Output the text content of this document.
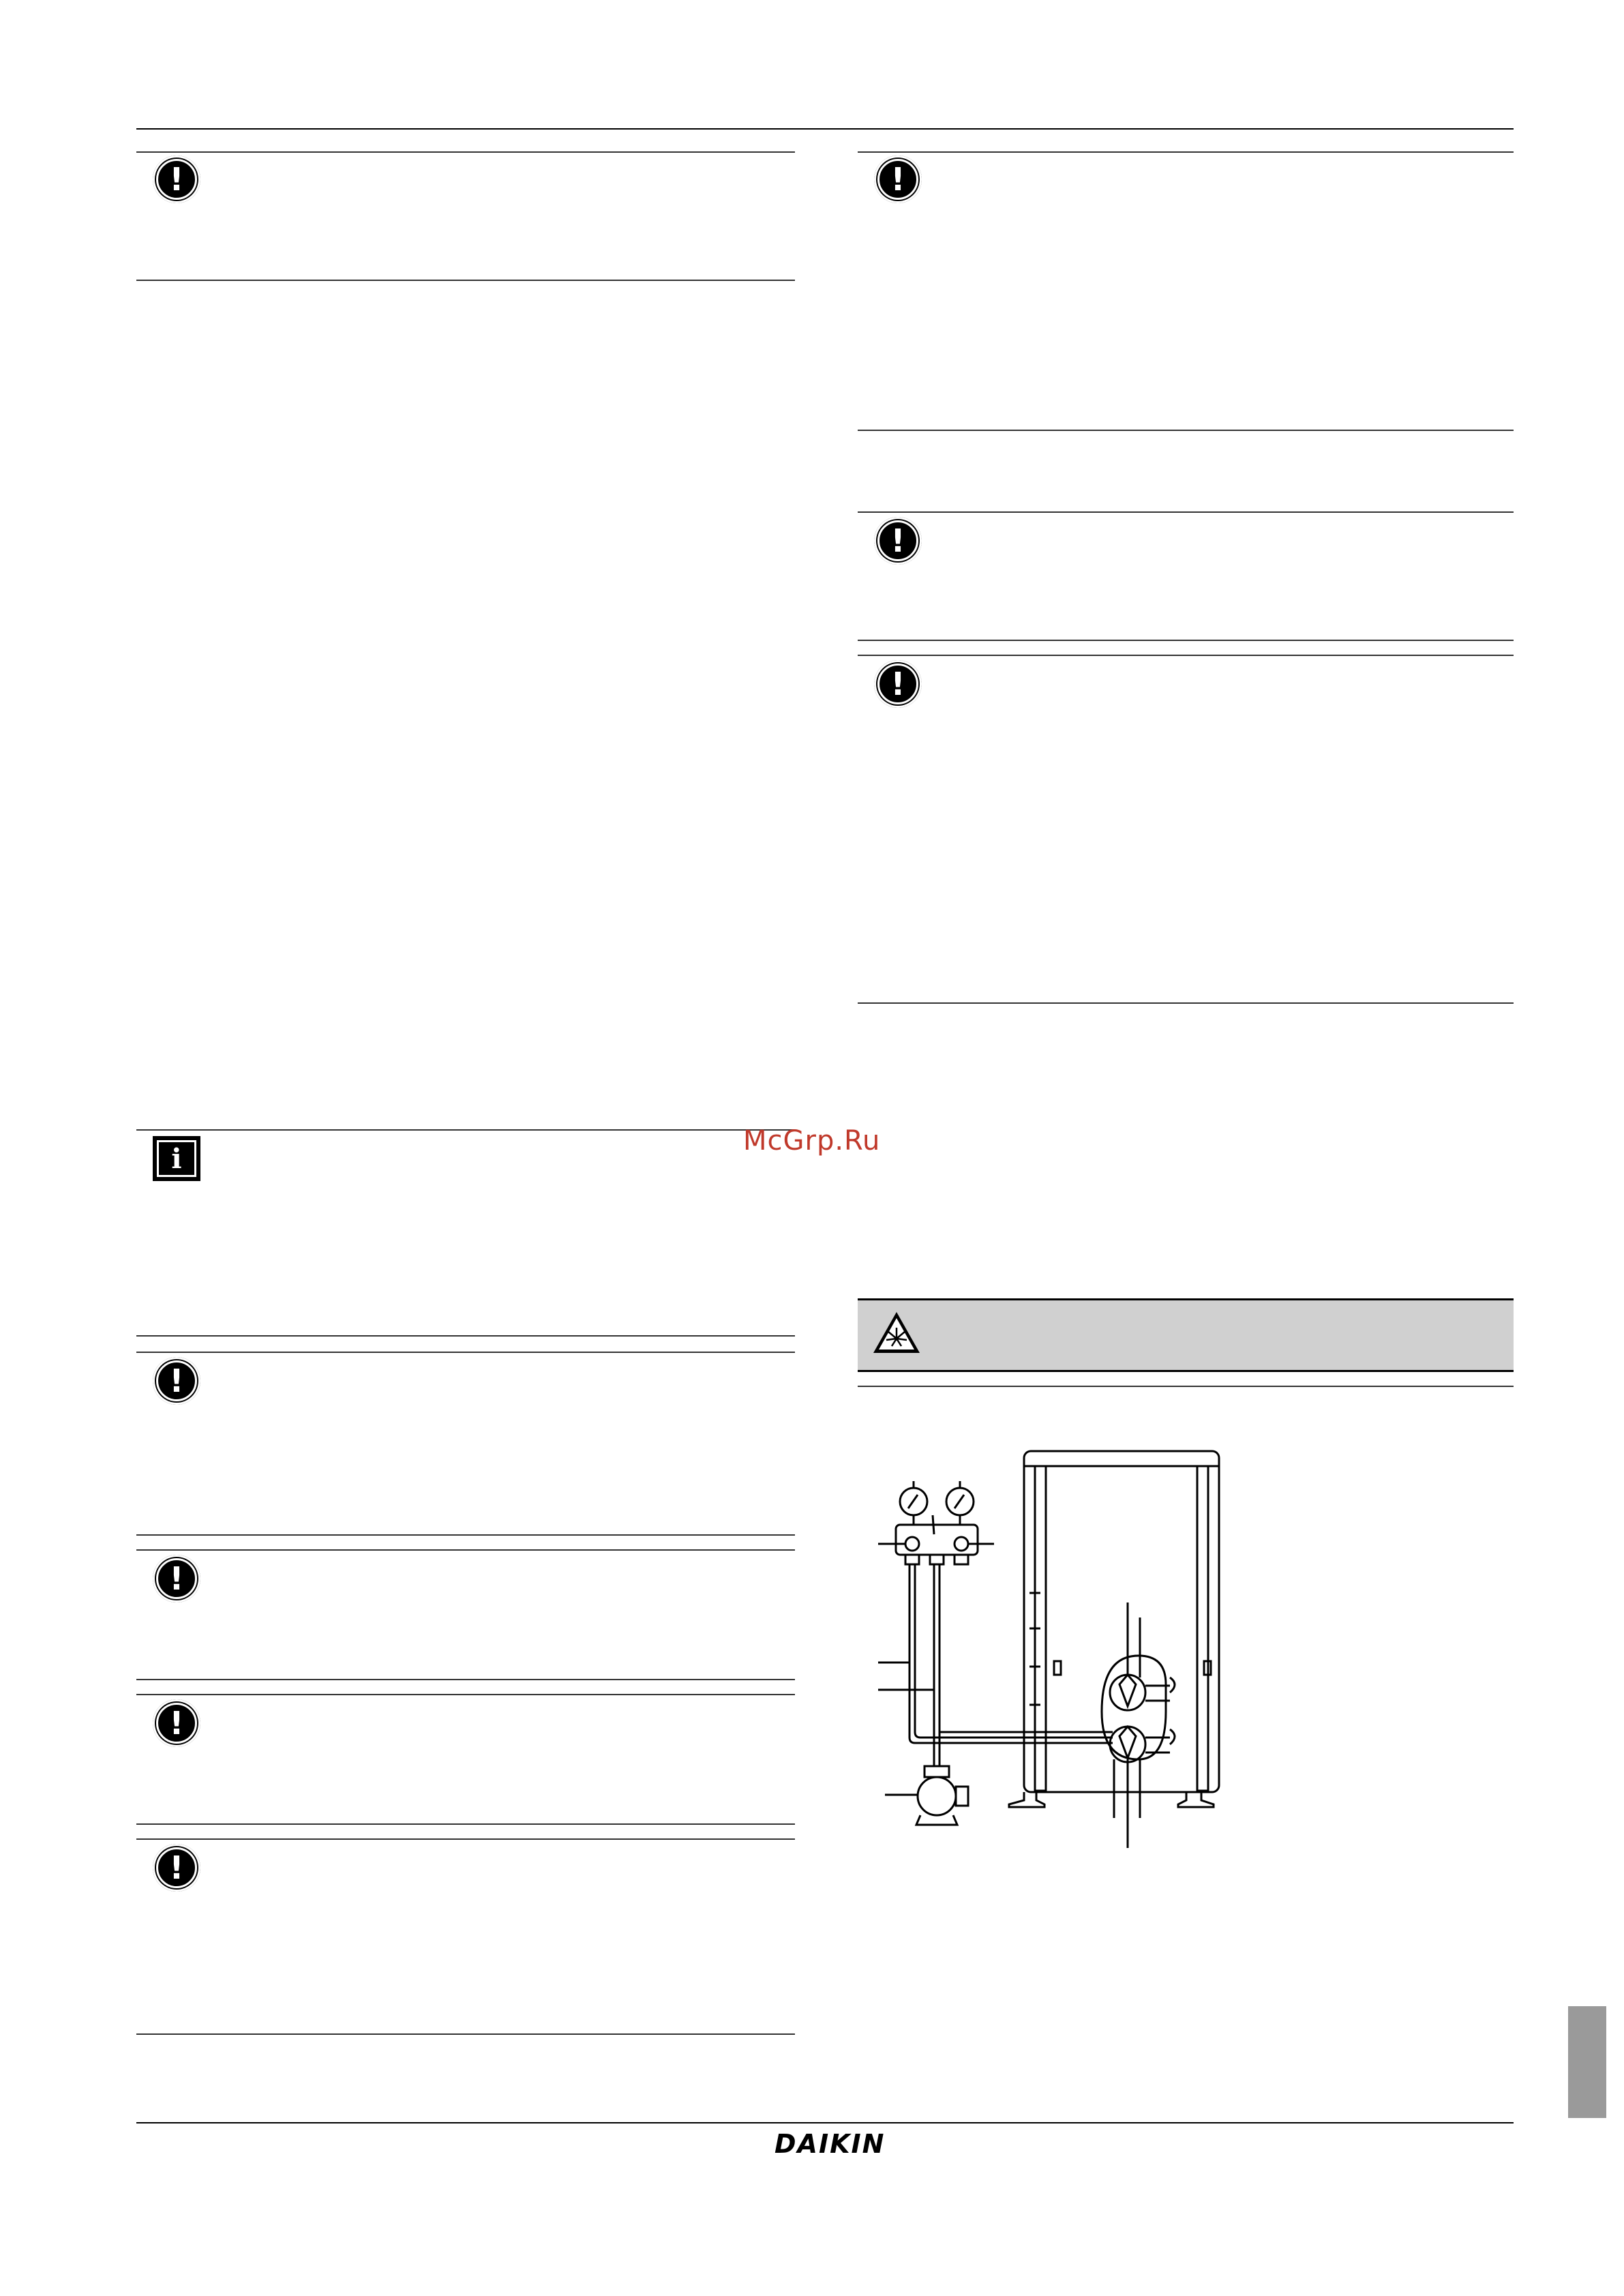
!
i
!
!
!
!
!
!
!
McGrp.Ru
DAIKIN
